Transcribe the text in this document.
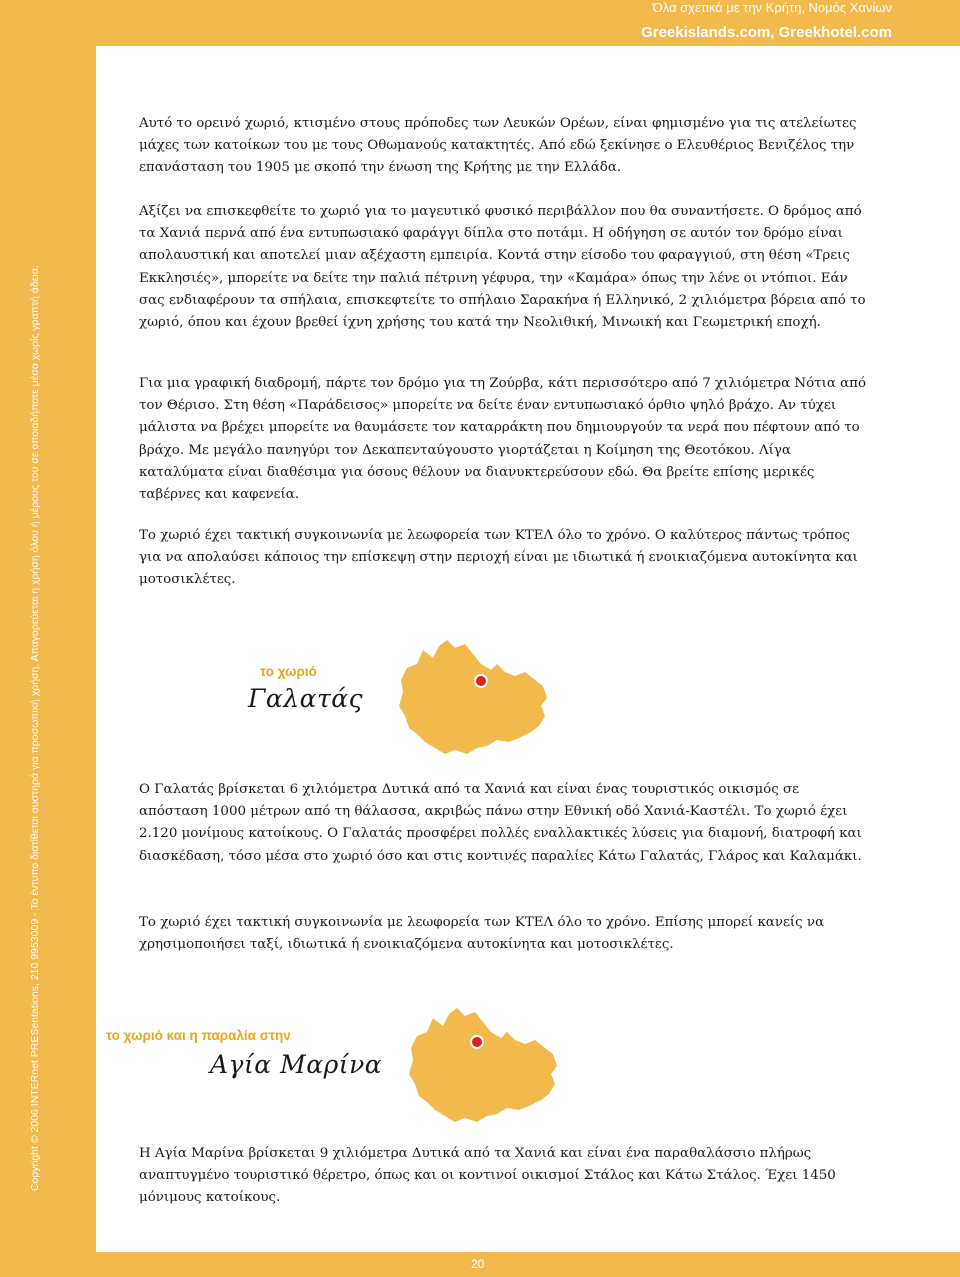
Copyright © 2006 INTERnet PRESentations, 210 9953009 - Το έντυπο διατίθεται αυστηρά για προσωπική χρήση. Απαγορεύεται η χρήση όλου ή μέρους του σε οποιαδήποτε μέσο χωρίς γραπτή άδεια.
Όλα σχετικά με την Κρήτη, Νομός Χανίων
Greekislands.com, Greekhotel.com

Αυτό το ορεινό χωριό, κτισμένο στους πρόποδες των Λευκών Ορέων, είναι φημισμένο για τις ατελείωτες μάχες των κατοίκων του με τους Οθωμανούς κατακτητές. Από εδώ ξεκίνησε ο Ελευθέριος Βενιζέλος την επανάσταση του 1905 με σκοπό την ένωση της Κρήτης με την Ελλάδα.

Αξίζει να επισκεφθείτε το χωριό για το μαγευτικό φυσικό περιβάλλον που θα συναντήσετε. Ο δρόμος από τα Χανιά περνά από ένα εντυπωσιακό φαράγγι δίπλα στο ποτάμι. Η οδήγηση σε αυτόν τον δρόμο είναι απολαυστική και αποτελεί μιαν αξέχαστη εμπειρία. Κοντά στην είσοδο του φαραγγιού, στη θέση «Τρεις Εκκλησιές», μπορείτε να δείτε την παλιά πέτρινη γέφυρα, την «Καμάρα» όπως την λένε οι ντόπιοι. Εάν σας ενδιαφέρουν τα σπήλαια, επισκεφτείτε το σπήλαιο Σαρακήνα ή Ελληνικό, 2 χιλιόμετρα βόρεια από το χωριό, όπου και έχουν βρεθεί ίχνη χρήσης του κατά την Νεολιθική, Μινωική και Γεωμετρική εποχή.

Για μια γραφική διαδρομή, πάρτε τον δρόμο για τη Ζούρβα, κάτι περισσότερο από 7 χιλιόμετρα Νότια από τον Θέρισο. Στη θέση «Παράδεισος» μπορείτε να δείτε έναν εντυπωσιακό όρθιο ψηλό βράχο. Αν τύχει μάλιστα να βρέχει μπορείτε να θαυμάσετε τον καταρράκτη που δημιουργούν τα νερά που πέφτουν από το βράχο. Με μεγάλο πανηγύρι τον Δεκαπενταύγουστο γιορτάζεται η Κοίμηση της Θεοτόκου. Λίγα καταλύματα είναι διαθέσιμα για όσους θέλουν να διανυκτερεύσουν εδώ. Θα βρείτε επίσης μερικές ταβέρνες και καφενεία.

Το χωριό έχει τακτική συγκοινωνία με λεωφορεία των ΚΤΕΛ όλο το χρόνο. Ο καλύτερος πάντως τρόπος για να απολαύσει κάποιος την επίσκεψη στην περιοχή είναι με ιδιωτικά ή ενοικιαζόμενα αυτοκίνητα και μοτοσικλέτες.

το χωριό
Γαλατάς

Ο Γαλατάς βρίσκεται 6 χιλιόμετρα Δυτικά από τα Χανιά και είναι ένας τουριστικός οικισμός σε απόσταση 1000 μέτρων από τη θάλασσα, ακριβώς πάνω στην Εθνική οδό Χανιά-Καστέλι. Το χωριό έχει 2.120 μονίμους κατοίκους. Ο Γαλατάς προσφέρει πολλές εναλλακτικές λύσεις για διαμονή, διατροφή και διασκέδαση, τόσο μέσα στο χωριό όσο και στις κοντινές παραλίες Κάτω Γαλατάς, Γλάρος και Καλαμάκι.

Το χωριό έχει τακτική συγκοινωνία με λεωφορεία των ΚΤΕΛ όλο το χρόνο. Επίσης μπορεί κανείς να χρησιμοποιήσει ταξί, ιδιωτικά ή ενοικιαζόμενα αυτοκίνητα και μοτοσικλέτες.

το χωριό και η παραλία στην
Αγία Μαρίνα

Η Αγία Μαρίνα βρίσκεται 9 χιλιόμετρα Δυτικά από τα Χανιά και είναι ένα παραθαλάσσιο πλήρως αναπτυγμένο τουριστικό θέρετρο, όπως και οι κοντινοί οικισμοί Στάλος και Κάτω Στάλος. Έχει 1450 μόνιμους κατοίκους.

20
